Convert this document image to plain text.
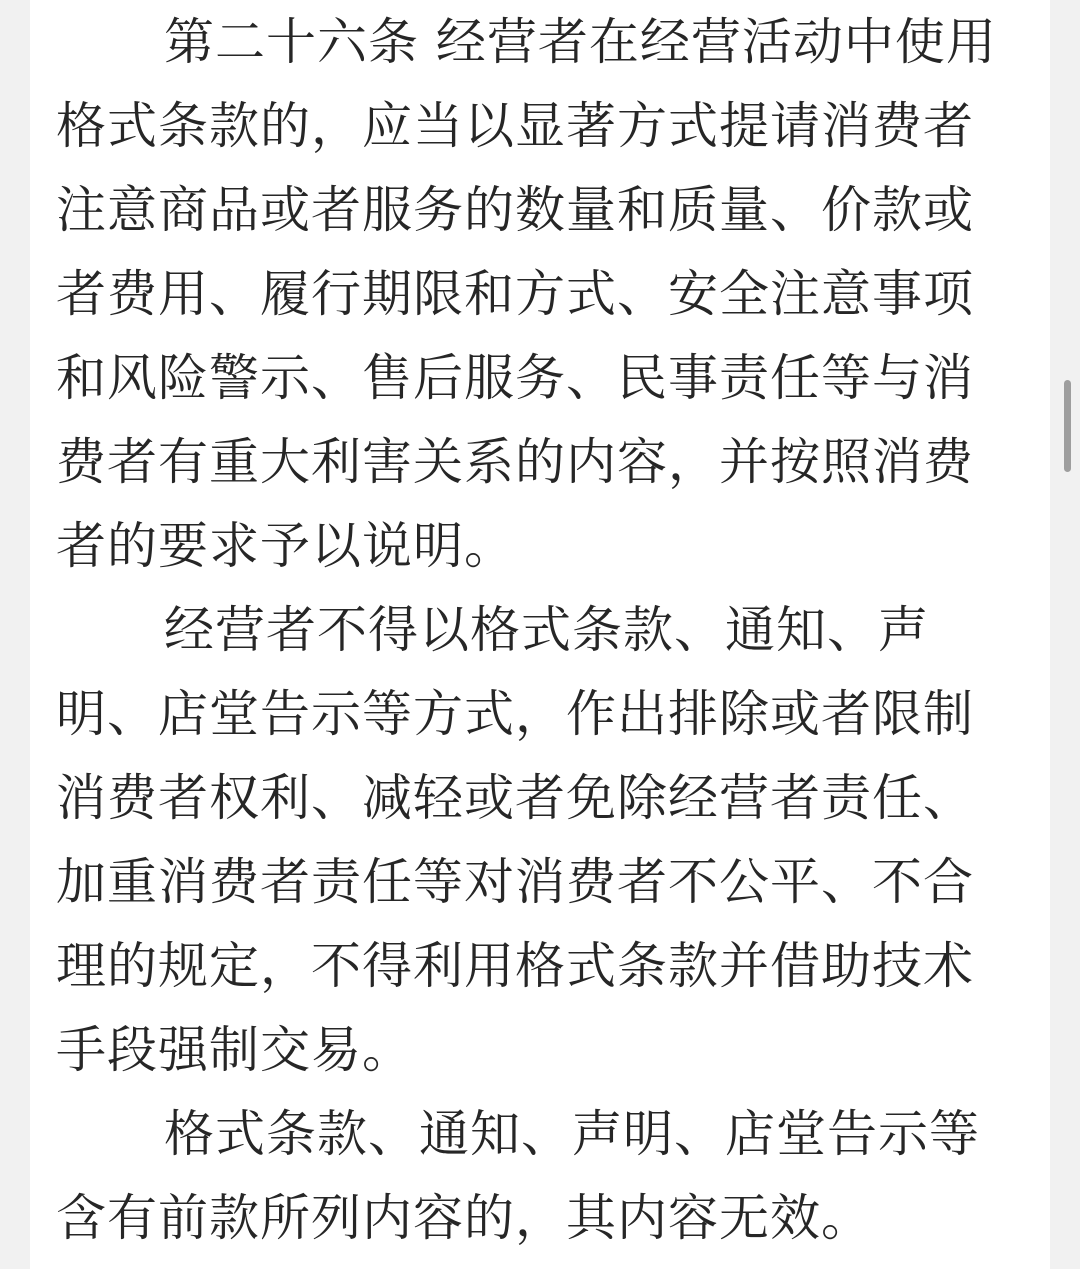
第二十六条 经营者在经营活动中使用
格式条款的，应当以显著方式提请消费者
注意商品或者服务的数量和质量、价款或
者费用、履行期限和方式、安全注意事项
和风险警示、售后服务、民事责任等与消
费者有重大利害关系的内容，并按照消费
者的要求予以说明。
经营者不得以格式条款、通知、声
明、店堂告示等方式，作出排除或者限制
消费者权利、减轻或者免除经营者责任、
加重消费者责任等对消费者不公平、不合
理的规定，不得利用格式条款并借助技术
手段强制交易。
格式条款、通知、声明、店堂告示等
含有前款所列内容的，其内容无效。
